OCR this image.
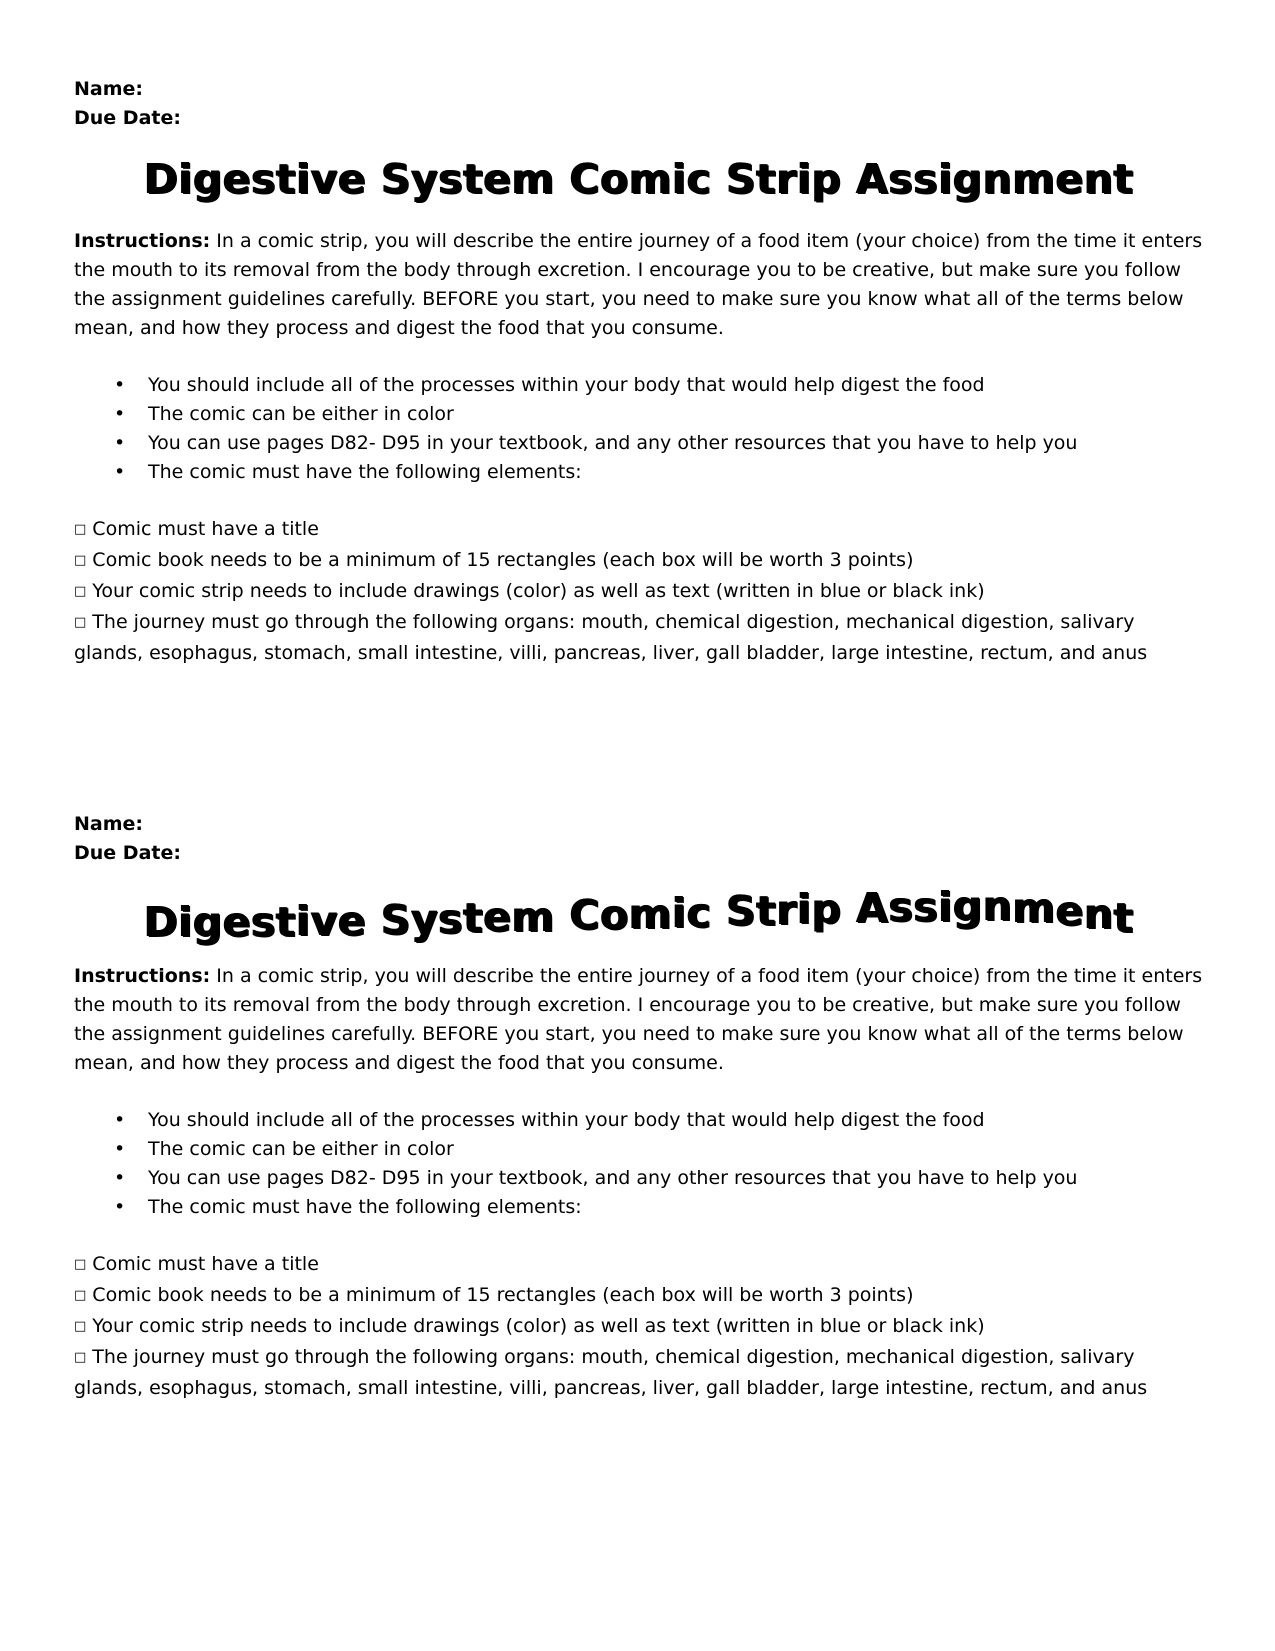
Name:

Due Date:

Digestive System Comic Strip Assignment

Instructions: In a comic strip, you will describe the entire journey of a food item (your choice) from the time it enters the mouth to its removal from the body through excretion. I encourage you to be creative, but make sure you follow the assignment guidelines carefully. BEFORE you start, you need to make sure you know what all of the terms below mean, and how they process and digest the food that you consume.

• You should include all of the processes within your body that would help digest the food
• The comic can be either in color
• You can use pages D82- D95 in your textbook, and any other resources that you have to help you
• The comic must have the following elements:
□ Comic must have a title
□ Comic book needs to be a minimum of 15 rectangles (each box will be worth 3 points)
□ Your comic strip needs to include drawings (color) as well as text (written in blue or black ink)
□ The journey must go through the following organs: mouth, chemical digestion, mechanical digestion, salivary glands, esophagus, stomach, small intestine, villi, pancreas, liver, gall bladder, large intestine, rectum, and anus

Name:

Due Date:

Digestive System Comic Strip Assignment

Instructions: In a comic strip, you will describe the entire journey of a food item (your choice) from the time it enters the mouth to its removal from the body through excretion. I encourage you to be creative, but make sure you follow the assignment guidelines carefully. BEFORE you start, you need to make sure you know what all of the terms below mean, and how they process and digest the food that you consume.

• You should include all of the processes within your body that would help digest the food
• The comic can be either in color
• You can use pages D82- D95 in your textbook, and any other resources that you have to help you
• The comic must have the following elements:
□ Comic must have a title
□ Comic book needs to be a minimum of 15 rectangles (each box will be worth 3 points)
□ Your comic strip needs to include drawings (color) as well as text (written in blue or black ink)
□ The journey must go through the following organs: mouth, chemical digestion, mechanical digestion, salivary glands, esophagus, stomach, small intestine, villi, pancreas, liver, gall bladder, large intestine, rectum, and anus
